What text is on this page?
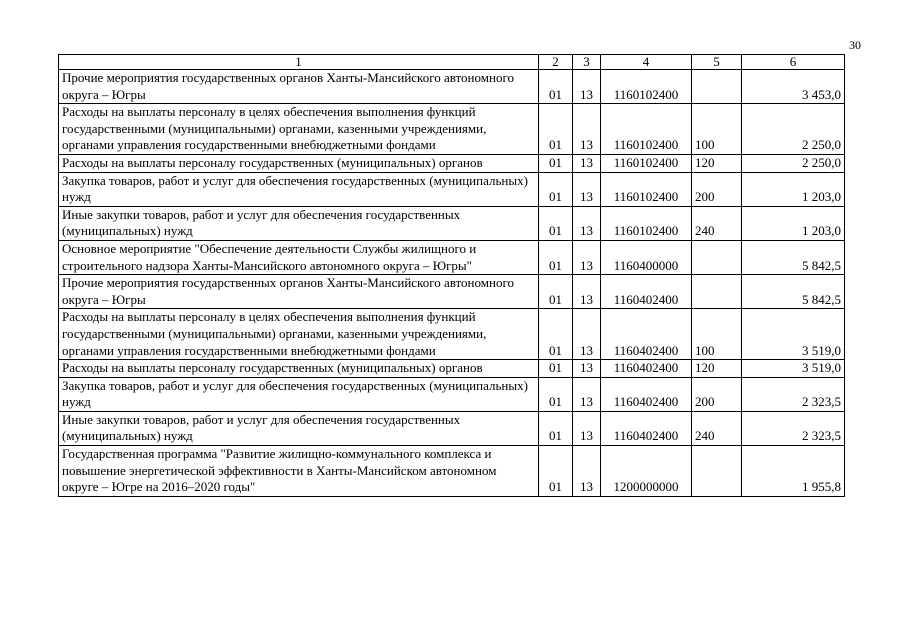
30
1	2	3	4	5	6
Прочие мероприятия государственных органов Ханты-Мансийского автономного округа – Югры	01	13	1160102400		3 453,0
Расходы на выплаты персоналу в целях обеспечения выполнения функций государственными (муниципальными) органами, казенными учреждениями, органами управления государственными внебюджетными фондами	01	13	1160102400	100	2 250,0
Расходы на выплаты персоналу государственных (муниципальных) органов	01	13	1160102400	120	2 250,0
Закупка товаров, работ и услуг для обеспечения государственных (муниципальных) нужд	01	13	1160102400	200	1 203,0
Иные закупки товаров, работ и услуг для обеспечения государственных (муниципальных) нужд	01	13	1160102400	240	1 203,0
Основное мероприятие "Обеспечение деятельности Службы жилищного и строительного надзора Ханты-Мансийского автономного округа – Югры"	01	13	1160400000		5 842,5
Прочие мероприятия государственных органов Ханты-Мансийского автономного округа – Югры	01	13	1160402400		5 842,5
Расходы на выплаты персоналу в целях обеспечения выполнения функций государственными (муниципальными) органами, казенными учреждениями, органами управления государственными внебюджетными фондами	01	13	1160402400	100	3 519,0
Расходы на выплаты персоналу государственных (муниципальных) органов	01	13	1160402400	120	3 519,0
Закупка товаров, работ и услуг для обеспечения государственных (муниципальных) нужд	01	13	1160402400	200	2 323,5
Иные закупки товаров, работ и услуг для обеспечения государственных (муниципальных) нужд	01	13	1160402400	240	2 323,5
Государственная программа "Развитие жилищно-коммунального комплекса и повышение энергетической эффективности в Ханты-Мансийском автономном округе – Югре на 2016–2020 годы"	01	13	1200000000		1 955,8
